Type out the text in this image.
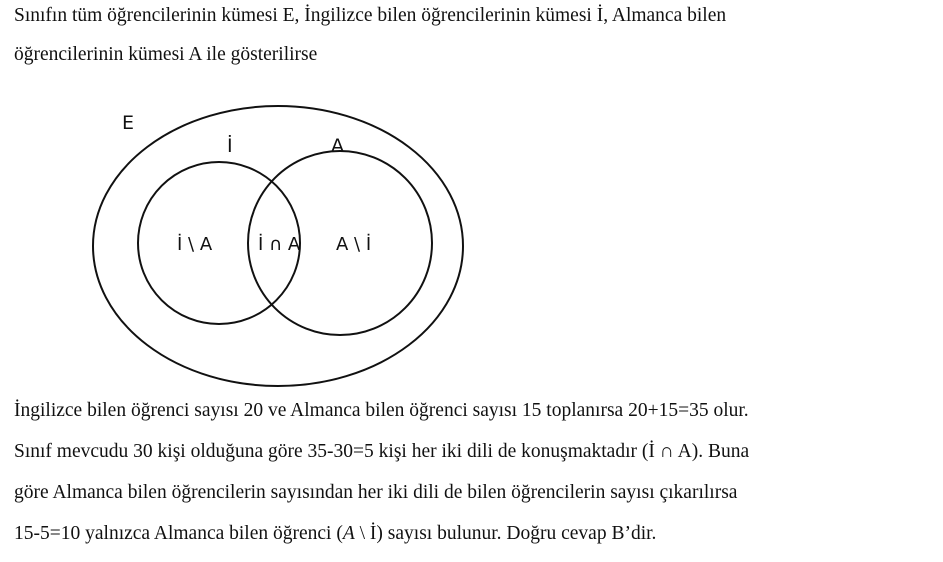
Sınıfın tüm öğrencilerinin kümesi E, İngilizce bilen öğrencilerinin kümesi İ, Almanca bilen
öğrencilerinin kümesi A ile gösterilirse
E
İ	A
İ \ A	İ ∩ A A \ İ
İngilizce bilen öğrenci sayısı 20 ve Almanca bilen öğrenci sayısı 15 toplanırsa 20+15=35 olur.
Sınıf mevcudu 30 kişi olduğuna göre 35-30=5 kişi her iki dili de konuşmaktadır (İ ∩ A). Buna
göre Almanca bilen öğrencilerin sayısından her iki dili de bilen öğrencilerin sayısı çıkarılırsa
15-5=10 yalnızca Almanca bilen öğrenci (A \ İ) sayısı bulunur. Doğru cevap B’dir.
